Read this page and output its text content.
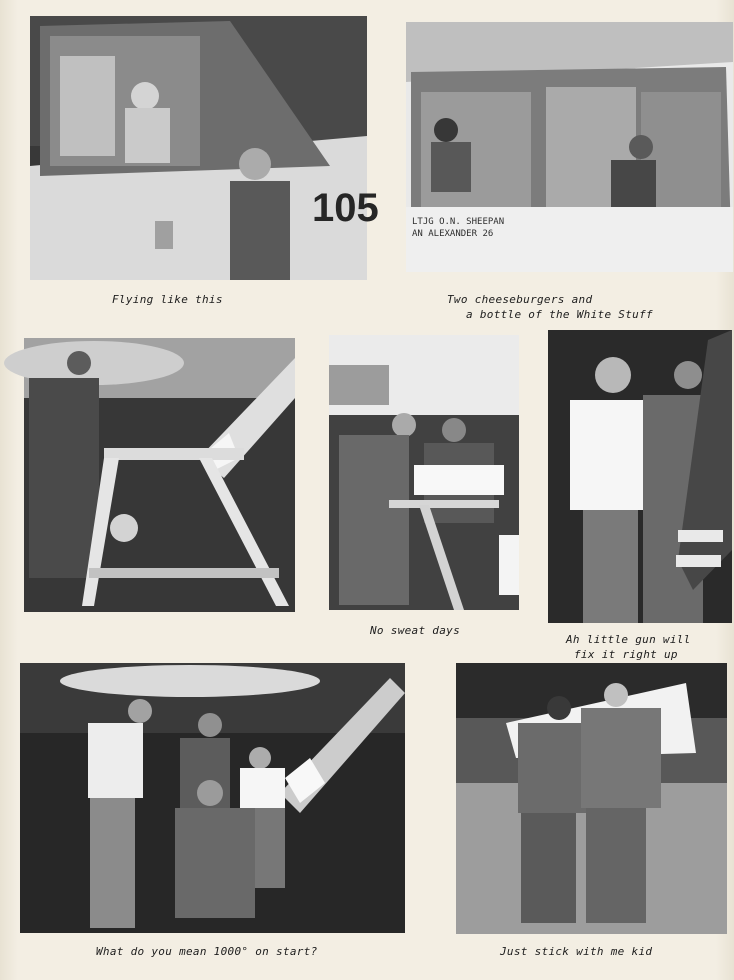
105	LTJG O.N. SHEEPAN
AN ALEXANDER 26
Flying like this	Two cheeseburgers and
a bottle of the White Stuff
No sweat days
Ah little gun will
fix it right up
What do you mean 1000° on start?	Just stick with me kid
